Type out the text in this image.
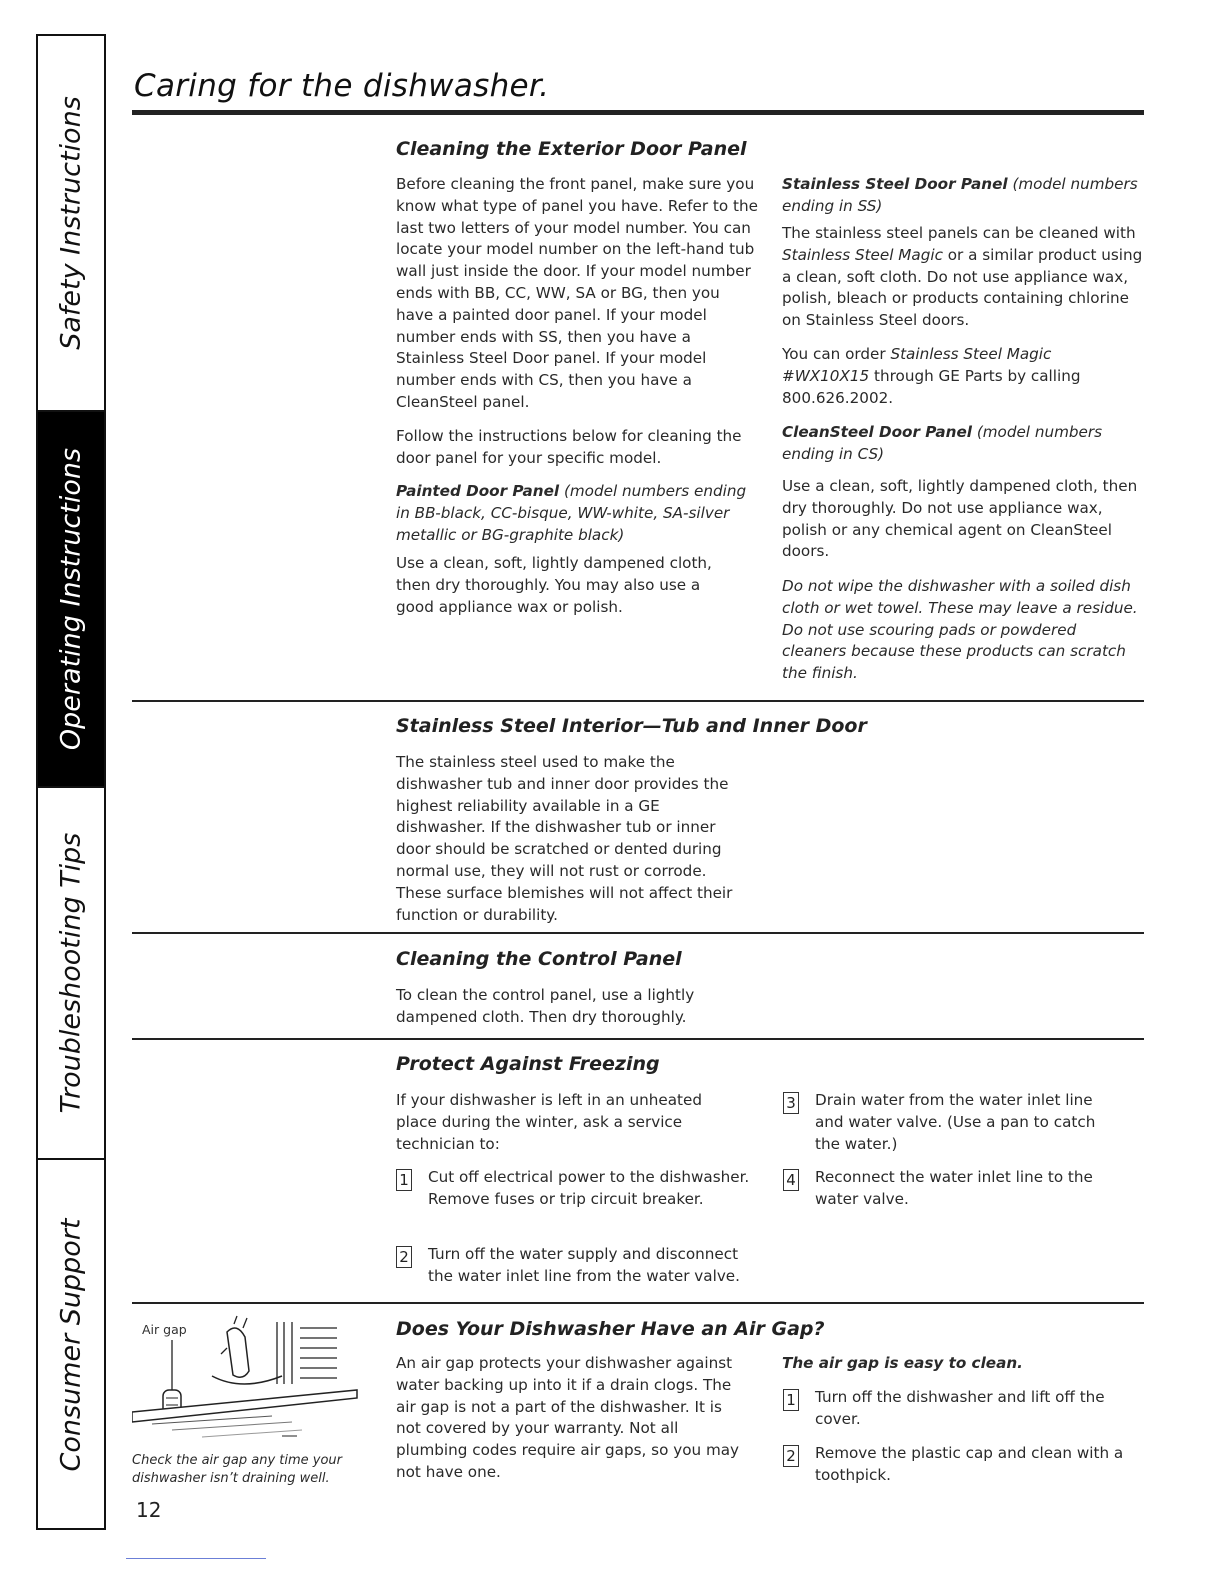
Safety Instructions
Operating Instructions
Troubleshooting Tips
Consumer Support
Caring for the dishwasher.
Cleaning the Exterior Door Panel

Before cleaning the front panel, make sure you know what type of panel you have. Refer to the last two letters of your model number. You can locate your model number on the left-hand tub wall just inside the door. If your model number ends with BB, CC, WW, SA or BG, then you have a painted door panel. If your model number ends with SS, then you have a Stainless Steel Door panel. If your model number ends with CS, then you have a CleanSteel panel.

Follow the instructions below for cleaning the door panel for your specific model.

Painted Door Panel (model numbers ending in BB-black, CC-bisque, WW-white, SA-silver metallic or BG-graphite black)

Use a clean, soft, lightly dampened cloth, then dry thoroughly. You may also use a good appliance wax or polish.

Stainless Steel Door Panel (model numbers ending in SS)

The stainless steel panels can be cleaned with Stainless Steel Magic or a similar product using a clean, soft cloth. Do not use appliance wax, polish, bleach or products containing chlorine on Stainless Steel doors.

You can order Stainless Steel Magic #WX10X15 through GE Parts by calling 800.626.2002.

CleanSteel Door Panel (model numbers ending in CS)

Use a clean, soft, lightly dampened cloth, then dry thoroughly. Do not use appliance wax, polish or any chemical agent on CleanSteel doors.

Do not wipe the dishwasher with a soiled dish cloth or wet towel. These may leave a residue. Do not use scouring pads or powdered cleaners because these products can scratch the finish.

Stainless Steel Interior—Tub and Inner Door

The stainless steel used to make the dishwasher tub and inner door provides the highest reliability available in a GE dishwasher. If the dishwasher tub or inner door should be scratched or dented during normal use, they will not rust or corrode. These surface blemishes will not affect their function or durability.

Cleaning the Control Panel

To clean the control panel, use a lightly dampened cloth. Then dry thoroughly.

Protect Against Freezing

If your dishwasher is left in an unheated place during the winter, ask a service technician to:

1 Cut off electrical power to the dishwasher. Remove fuses or trip circuit breaker.
2 Turn off the water supply and disconnect the water inlet line from the water valve.
3 Drain water from the water inlet line and water valve. (Use a pan to catch the water.)
4 Reconnect the water inlet line to the water valve.
Does Your Dishwasher Have an Air Gap?

An air gap protects your dishwasher against water backing up into it if a drain clogs. The air gap is not a part of the dishwasher. It is not covered by your warranty. Not all plumbing codes require air gaps, so you may not have one.

The air gap is easy to clean.

1 Turn off the dishwasher and lift off the cover.
2 Remove the plastic cap and clean with a toothpick.
Air gap

Check the air gap any time your dishwasher isn’t draining well.

12
